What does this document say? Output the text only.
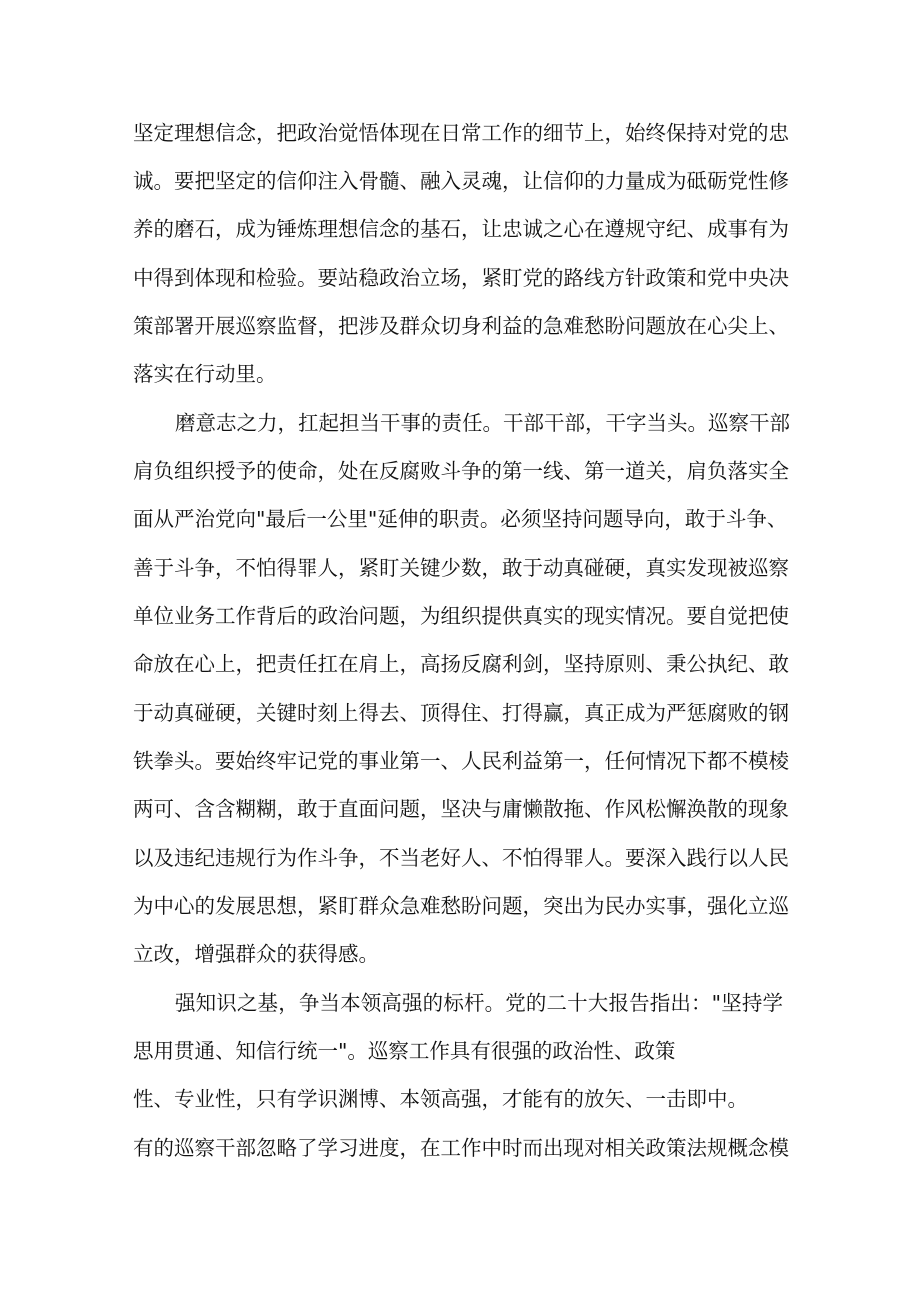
坚定理想信念，把政治觉悟体现在日常工作的细节上，始终保持对党的忠
诚。要把坚定的信仰注入骨髓、融入灵魂，让信仰的力量成为砥砺党性修
养的磨石，成为锤炼理想信念的基石，让忠诚之心在遵规守纪、成事有为
中得到体现和检验。要站稳政治立场，紧盯党的路线方针政策和党中央决
策部署开展巡察监督，把涉及群众切身利益的急难愁盼问题放在心尖上、
落实在行动里。
磨意志之力，扛起担当干事的责任。干部干部，干字当头。巡察干部
肩负组织授予的使命，处在反腐败斗争的第一线、第一道关，肩负落实全
面从严治党向"最后一公里"延伸的职责。必须坚持问题导向，敢于斗争、
善于斗争，不怕得罪人，紧盯关键少数，敢于动真碰硬，真实发现被巡察
单位业务工作背后的政治问题，为组织提供真实的现实情况。要自觉把使
命放在心上，把责任扛在肩上，高扬反腐利剑，坚持原则、秉公执纪、敢
于动真碰硬，关键时刻上得去、顶得住、打得赢，真正成为严惩腐败的钢
铁拳头。要始终牢记党的事业第一、人民利益第一，任何情况下都不模棱
两可、含含糊糊，敢于直面问题，坚决与庸懒散拖、作风松懈涣散的现象
以及违纪违规行为作斗争，不当老好人、不怕得罪人。要深入践行以人民
为中心的发展思想，紧盯群众急难愁盼问题，突出为民办实事，强化立巡
立改，增强群众的获得感。
强知识之基，争当本领高强的标杆。党的二十大报告指出："坚持学
思用贯通、知信行统一"。巡察工作具有很强的政治性、政策
性、专业性，只有学识渊博、本领高强，才能有的放矢、一击即中。
有的巡察干部忽略了学习进度，在工作中时而出现对相关政策法规概念模
